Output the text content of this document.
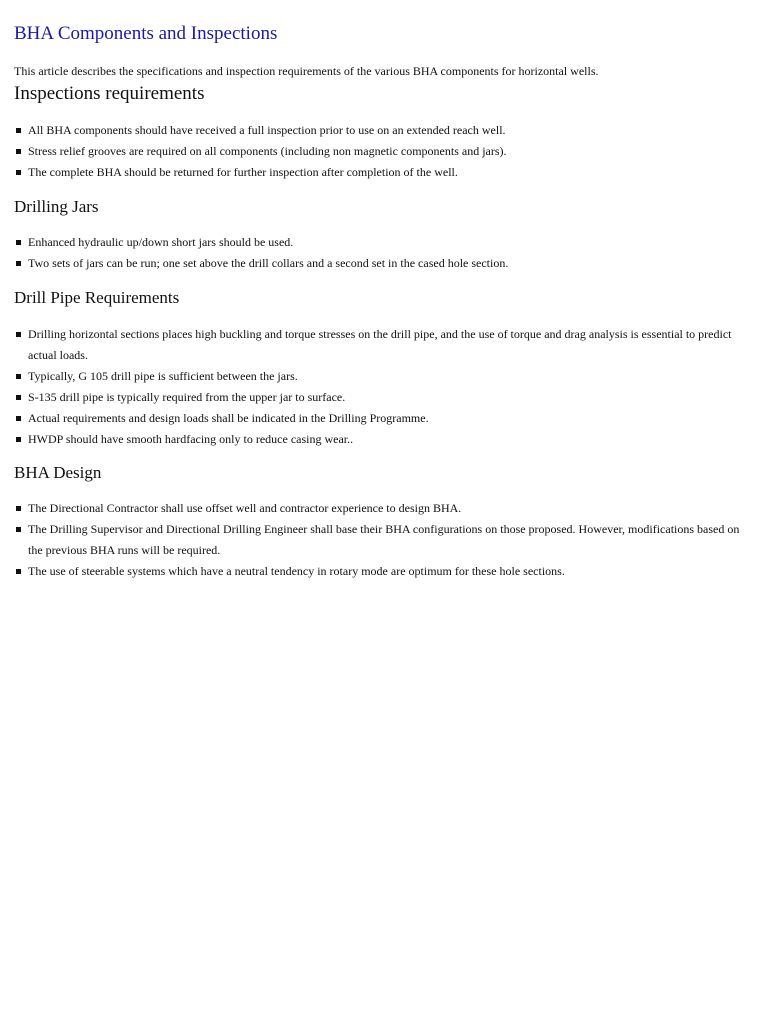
BHA Components and Inspections

This article describes the specifications and inspection requirements of the various BHA components for horizontal wells.

Inspections requirements
All BHA components should have received a full inspection prior to use on an extended reach well.
Stress relief grooves are required on all components (including non magnetic components and jars).
The complete BHA should be returned for further inspection after completion of the well.
Drilling Jars
Enhanced hydraulic up/down short jars should be used.
Two sets of jars can be run; one set above the drill collars and a second set in the cased hole section.
Drill Pipe Requirements
Drilling horizontal sections places high buckling and torque stresses on the drill pipe, and the use of torque and drag analysis is essential to predict actual loads.
Typically, G 105 drill pipe is sufficient between the jars.
S-135 drill pipe is typically required from the upper jar to surface.
Actual requirements and design loads shall be indicated in the Drilling Programme.
HWDP should have smooth hardfacing only to reduce casing wear..
BHA Design
The Directional Contractor shall use offset well and contractor experience to design BHA.
The Drilling Supervisor and Directional Drilling Engineer shall base their BHA configurations on those proposed. However, modifications based on the previous BHA runs will be required.
The use of steerable systems which have a neutral tendency in rotary mode are optimum for these hole sections.
